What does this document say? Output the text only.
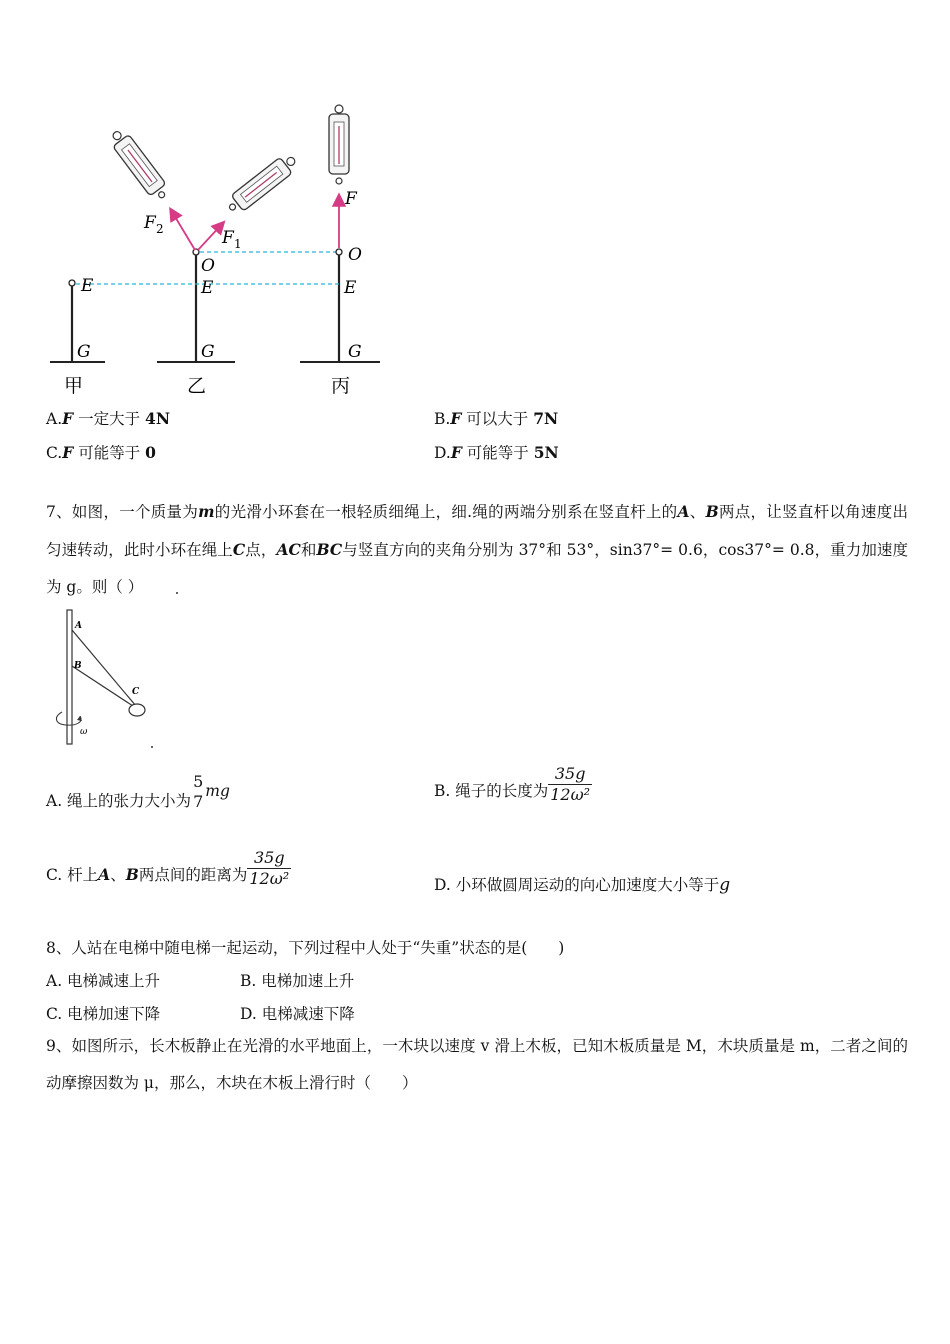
F 2	F 1
F
O
O
E	E	E
G	G	G
甲	乙	丙
A.F 一定大于 4N	B.F 可以大于 7N
C.F 可能等于 0	D.F 可能等于 5N
7、如图，一个质量为m的光滑小环套在一根轻质细绳上，细.绳的两端分别系在竖直杆上的A、B两点，让竖直杆以角速度出匀速转动，此时小环在绳上C点，AC和BC与竖直方向的夹角分别为 37°和 53°，sin37°= 0.6，cos37°= 0.8，重力加速度为 g。则（ ）
A
B
C
ω
A. 绳上的张力大小为
5
7
mg	B. 绳子的长度为 $\frac{35g}{\text{12ω²}}$
C. 杆上A、B两点间的距离为 $\frac{35g}{\text{12ω²}}$	D. 小环做圆周运动的向心加速度大小等于g
8、人站在电梯中随电梯一起运动，下列过程中人处于“失重”状态的是(　　)
A. 电梯减速上升	B. 电梯加速上升
C. 电梯加速下降	D. 电梯减速下降
9、如图所示，长木板静止在光滑的水平地面上，一木块以速度 v 滑上木板，已知木板质量是 M，木块质量是 m，二者之间的动摩擦因数为 μ，那么，木块在木板上滑行时（　　）
